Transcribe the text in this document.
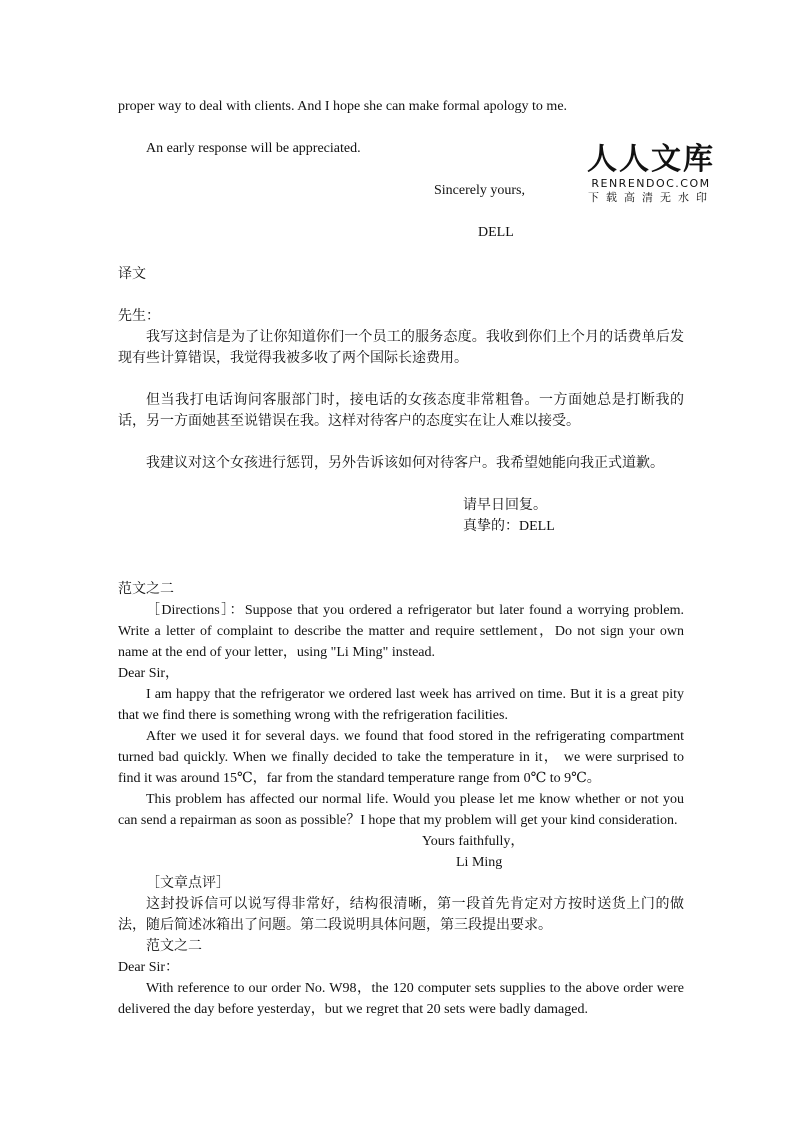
人人文库
RENRENDOC.COM
下载高清无水印

proper way to deal with clients. And I hope she can make formal apology to me.

An early response will be appreciated.

Sincerely yours,

DELL

译文

先生：

我写这封信是为了让你知道你们一个员工的服务态度。我收到你们上个月的话费单后发现有些计算错误，我觉得我被多收了两个国际长途费用。

但当我打电话询问客服部门时，接电话的女孩态度非常粗鲁。一方面她总是打断我的话，另一方面她甚至说错误在我。这样对待客户的态度实在让人难以接受。

我建议对这个女孩进行惩罚，另外告诉该如何对待客户。我希望她能向我正式道歉。

请早日回复。

真挚的：DELL

范文之二

［Directions］：Suppose that you ordered a refrigerator but later found a worrying problem. Write a letter of complaint to describe the matter and require settlement，Do not sign your own name at the end of your letter，using "Li Ming" instead.

Dear Sir，

I am happy that the refrigerator we ordered last week has arrived on time. But it is a great pity that we find there is something wrong with the refrigeration facilities.

After we used it for several days. we found that food stored in the refrigerating compartment turned bad quickly. When we finally decided to take the temperature in it， we were surprised to find it was around 15℃，far from the standard temperature range from 0℃ to 9℃。

This problem has affected our normal life. Would you please let me know whether or not you can send a repairman as soon as possible？I hope that my problem will get your kind consideration.

Yours faithfully，

Li Ming

［文章点评］

这封投诉信可以说写得非常好，结构很清晰，第一段首先肯定对方按时送货上门的做法，随后简述冰箱出了问题。第二段说明具体问题，第三段提出要求。

范文之二

Dear Sir：

With reference to our order No. W98，the 120 computer sets supplies to the above order were delivered the day before yesterday，but we regret that 20 sets were badly damaged.
